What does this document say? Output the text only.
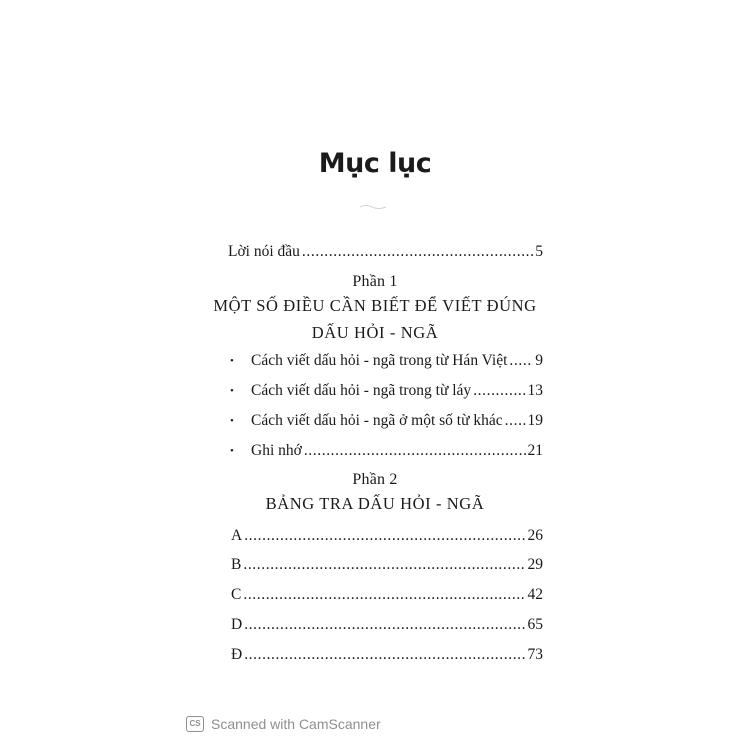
Mục lục
Lời nói đầu .....	5
Phần 1
MỘT SỐ ĐIỀU CẦN BIẾT ĐỂ VIẾT ĐÚNG
DẤU HỎI - NGÃ
• Cách viết dấu hỏi - ngã trong từ Hán Việt ..... 9
• Cách viết dấu hỏi - ngã trong từ láy .....	13
• Cách viết dấu hỏi - ngã ở một số từ khác ..... 19
• Ghi nhớ .....	21
Phần 2
BẢNG TRA DẤU HỎI - NGÃ
A .....	26
B .....	29
C .....	42
D .....	65
Đ .....	73
CS Scanned with CamScanner
